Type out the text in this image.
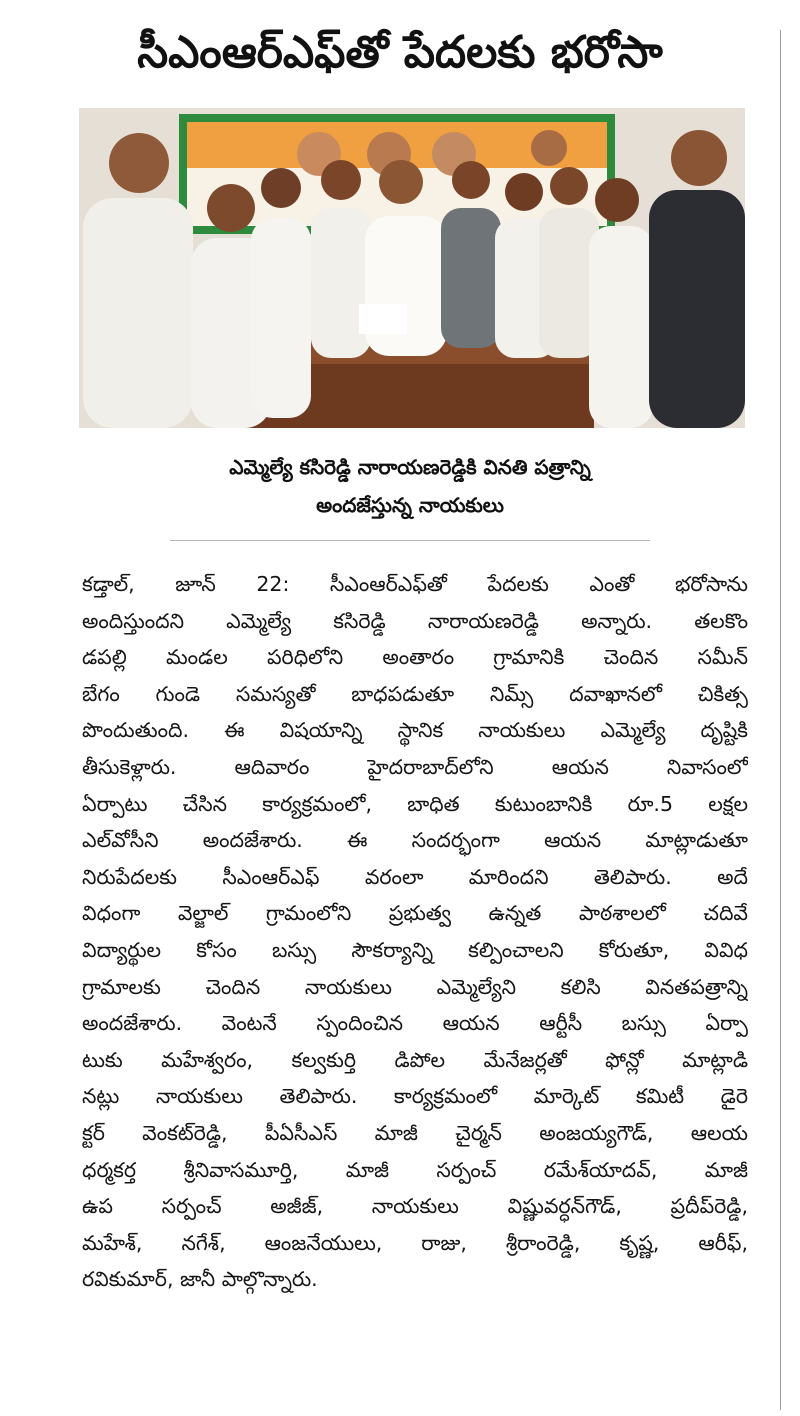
సీఎంఆర్ఎఫ్‌తో పేదలకు భరోసా
ఎమ్మెల్యే కసిరెడ్డి నారాయణరెడ్డికి వినతి పత్రాన్ని
అందజేస్తున్న నాయకులు
కడ్తాల్, జూన్ 22: సీఎంఆర్ఎఫ్‌తో పేదలకు ఎంతో భరోసాను
అందిస్తుందని ఎమ్మెల్యే కసిరెడ్డి నారాయణరెడ్డి అన్నారు. తలకొం
డపల్లి మండల పరిధిలోని అంతారం గ్రామానికి చెందిన సమీన్
బేగం గుండె సమస్యతో బాధపడుతూ నిమ్స్ దవాఖానలో చికిత్స
పొందుతుంది. ఈ విషయాన్ని స్థానిక నాయకులు ఎమ్మెల్యే దృష్టికి
తీసుకెళ్లారు. ఆదివారం హైదరాబాద్‌లోని ఆయన నివాసంలో
ఏర్పాటు చేసిన కార్యక్రమంలో, బాధిత కుటుంబానికి రూ.5 లక్షల
ఎల్‌వోసీని అందజేశారు. ఈ సందర్భంగా ఆయన మాట్లాడుతూ
నిరుపేదలకు సీఎంఆర్ఎఫ్ వరంలా మారిందని తెలిపారు. అదే
విధంగా వెల్జాల్ గ్రామంలోని ప్రభుత్వ ఉన్నత పాఠశాలలో చదివే
విద్యార్థుల కోసం బస్సు సౌకర్యాన్ని కల్పించాలని కోరుతూ, వివిధ
గ్రామాలకు చెందిన నాయకులు ఎమ్మెల్యేని కలిసి వినతపత్రాన్ని
అందజేశారు. వెంటనే స్పందించిన ఆయన ఆర్టీసీ బస్సు ఏర్పా
టుకు మహేశ్వరం, కల్వకుర్తి డిపోల మేనేజర్లతో ఫోన్లో మాట్లాడి
నట్లు నాయకులు తెలిపారు. కార్యక్రమంలో మార్కెట్ కమిటీ డైరె
క్టర్ వెంకట్‌రెడ్డి, పీఏసీఎస్ మాజీ చైర్మన్ అంజయ్యగౌడ్, ఆలయ
ధర్మకర్త శ్రీనివాసమూర్తి, మాజీ సర్పంచ్ రమేశ్‌యాదవ్, మాజీ
ఉప సర్పంచ్ అజీజ్, నాయకులు విష్ణువర్ధన్‌గౌడ్, ప్రదీప్‌రెడ్డి,
మహేశ్, నగేశ్, ఆంజనేయులు, రాజు, శ్రీరాంరెడ్డి, కృష్ణ, ఆరీఫ్,
రవికుమార్, జానీ పాల్గొన్నారు.
